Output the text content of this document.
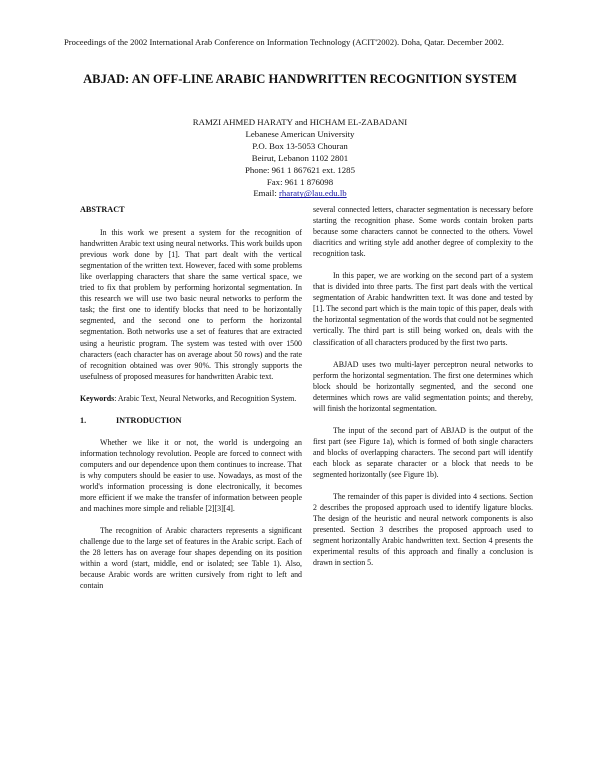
Proceedings of the 2002 International Arab Conference on Information Technology (ACIT'2002). Doha, Qatar. December 2002.
ABJAD: AN OFF-LINE ARABIC HANDWRITTEN RECOGNITION SYSTEM
RAMZI AHMED HARATY and HICHAM EL-ZABADANI
Lebanese American University
P.O. Box 13-5053 Chouran
Beirut, Lebanon 1102 2801
Phone: 961 1 867621 ext. 1285
Fax: 961 1 876098
Email: rharaty@lau.edu.lb

ABSTRACT

In this work we present a system for the recognition of handwritten Arabic text using neural networks. This work builds upon previous work done by [1]. That part dealt with the vertical segmentation of the written text. However, faced with some problems like overlapping characters that share the same vertical space, we tried to fix that problem by performing horizontal segmentation. In this research we will use two basic neural networks to perform the task; the first one to identify blocks that need to be horizontally segmented, and the second one to perform the horizontal segmentation. Both networks use a set of features that are extracted using a heuristic program. The system was tested with over 1500 characters (each character has on average about 50 rows) and the rate of recognition obtained was over 90%. This strongly supports the usefulness of proposed measures for handwritten Arabic text.

Keywords: Arabic Text, Neural Networks, and Recognition System.

1.	INTRODUCTION

Whether we like it or not, the world is undergoing an information technology revolution. People are forced to connect with computers and our dependence upon them continues to increase. That is why computers should be easier to use. Nowadays, as most of the world's information processing is done electronically, it becomes more efficient if we make the transfer of information between people and machines more simple and reliable [2][3][4].

The recognition of Arabic characters represents a significant challenge due to the large set of features in the Arabic script. Each of the 28 letters has on average four shapes depending on its position within a word (start, middle, end or isolated; see Table 1). Also, because Arabic words are written cursively from right to left and contain

several connected letters, character segmentation is necessary before starting the recognition phase. Some words contain broken parts because some characters cannot be connected to the others. Vowel diacritics and writing style add another degree of complexity to the recognition task.

In this paper, we are working on the second part of a system that is divided into three parts. The first part deals with the vertical segmentation of Arabic handwritten text. It was done and tested by [1]. The second part which is the main topic of this paper, deals with the horizontal segmentation of the words that could not be segmented vertically. The third part is still being worked on, deals with the classification of all characters produced by the first two parts.

ABJAD uses two multi-layer perceptron neural networks to perform the horizontal segmentation. The first one determines which block should be horizontally segmented, and the second one determines which rows are valid segmentation points; and thereby, will finish the horizontal segmentation.

The input of the second part of ABJAD is the output of the first part (see Figure 1a), which is formed of both single characters and blocks of overlapping characters. The second part will identify each block as separate character or a block that needs to be segmented horizontally (see Figure 1b).

The remainder of this paper is divided into 4 sections. Section 2 describes the proposed approach used to identify ligature blocks. The design of the heuristic and neural network components is also presented. Section 3 describes the proposed approach used to segment horizontally Arabic handwritten text. Section 4 presents the experimental results of this approach and finally a conclusion is drawn in section 5.
